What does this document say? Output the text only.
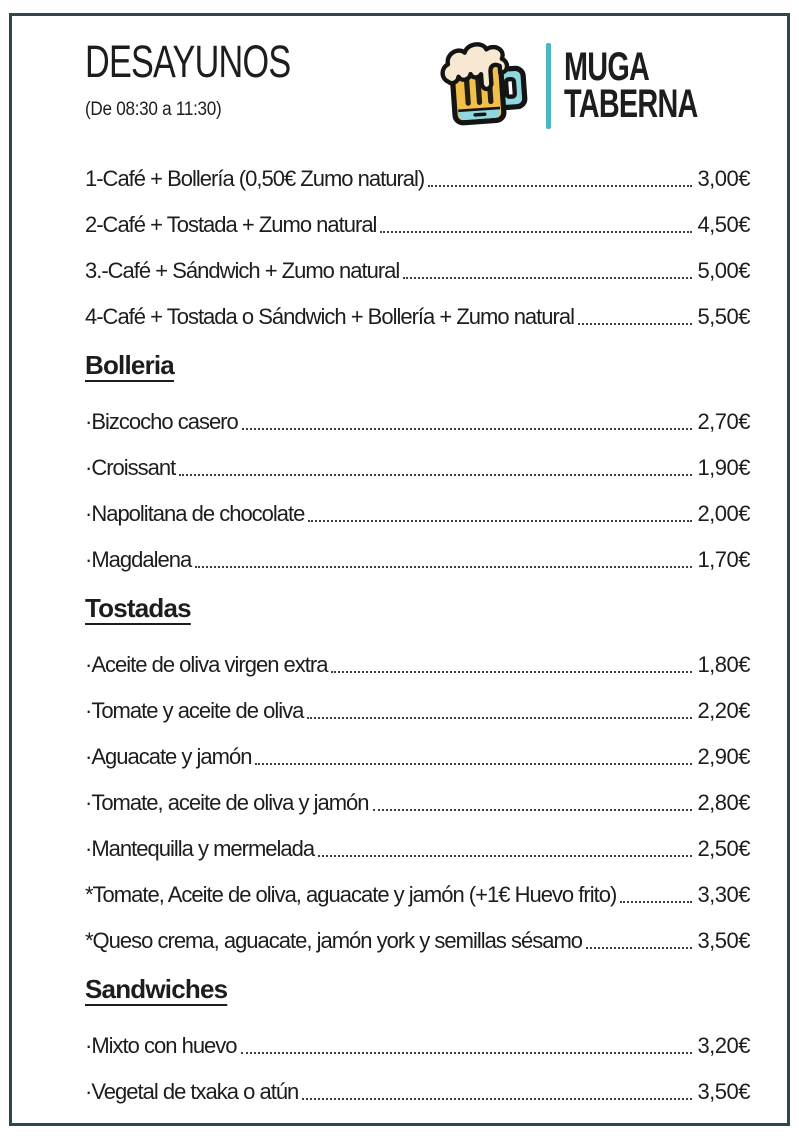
DESAYUNOS
(De 08:30 a 11:30)
MUGA
TABERNA
1-Café + Bollería (0,50€ Zumo natural)	3,00€
2-Café + Tostada + Zumo natural	4,50€
3.-Café + Sándwich + Zumo natural	5,00€
4-Café + Tostada o Sándwich + Bollería + Zumo natural	5,50€
Bolleria
·Bizcocho casero	2,70€
·Croissant	1,90€
·Napolitana de chocolate	2,00€
·Magdalena	1,70€
Tostadas
·Aceite de oliva virgen extra	1,80€
·Tomate y aceite de oliva	2,20€
·Aguacate y jamón	2,90€
·Tomate, aceite de oliva y jamón	2,80€
·Mantequilla y mermelada	2,50€
*Tomate, Aceite de oliva, aguacate y jamón (+1€ Huevo frito)	3,30€
*Queso crema, aguacate, jamón york y semillas sésamo	3,50€
Sandwiches
·Mixto con huevo	3,20€
·Vegetal de txaka o atún	3,50€
